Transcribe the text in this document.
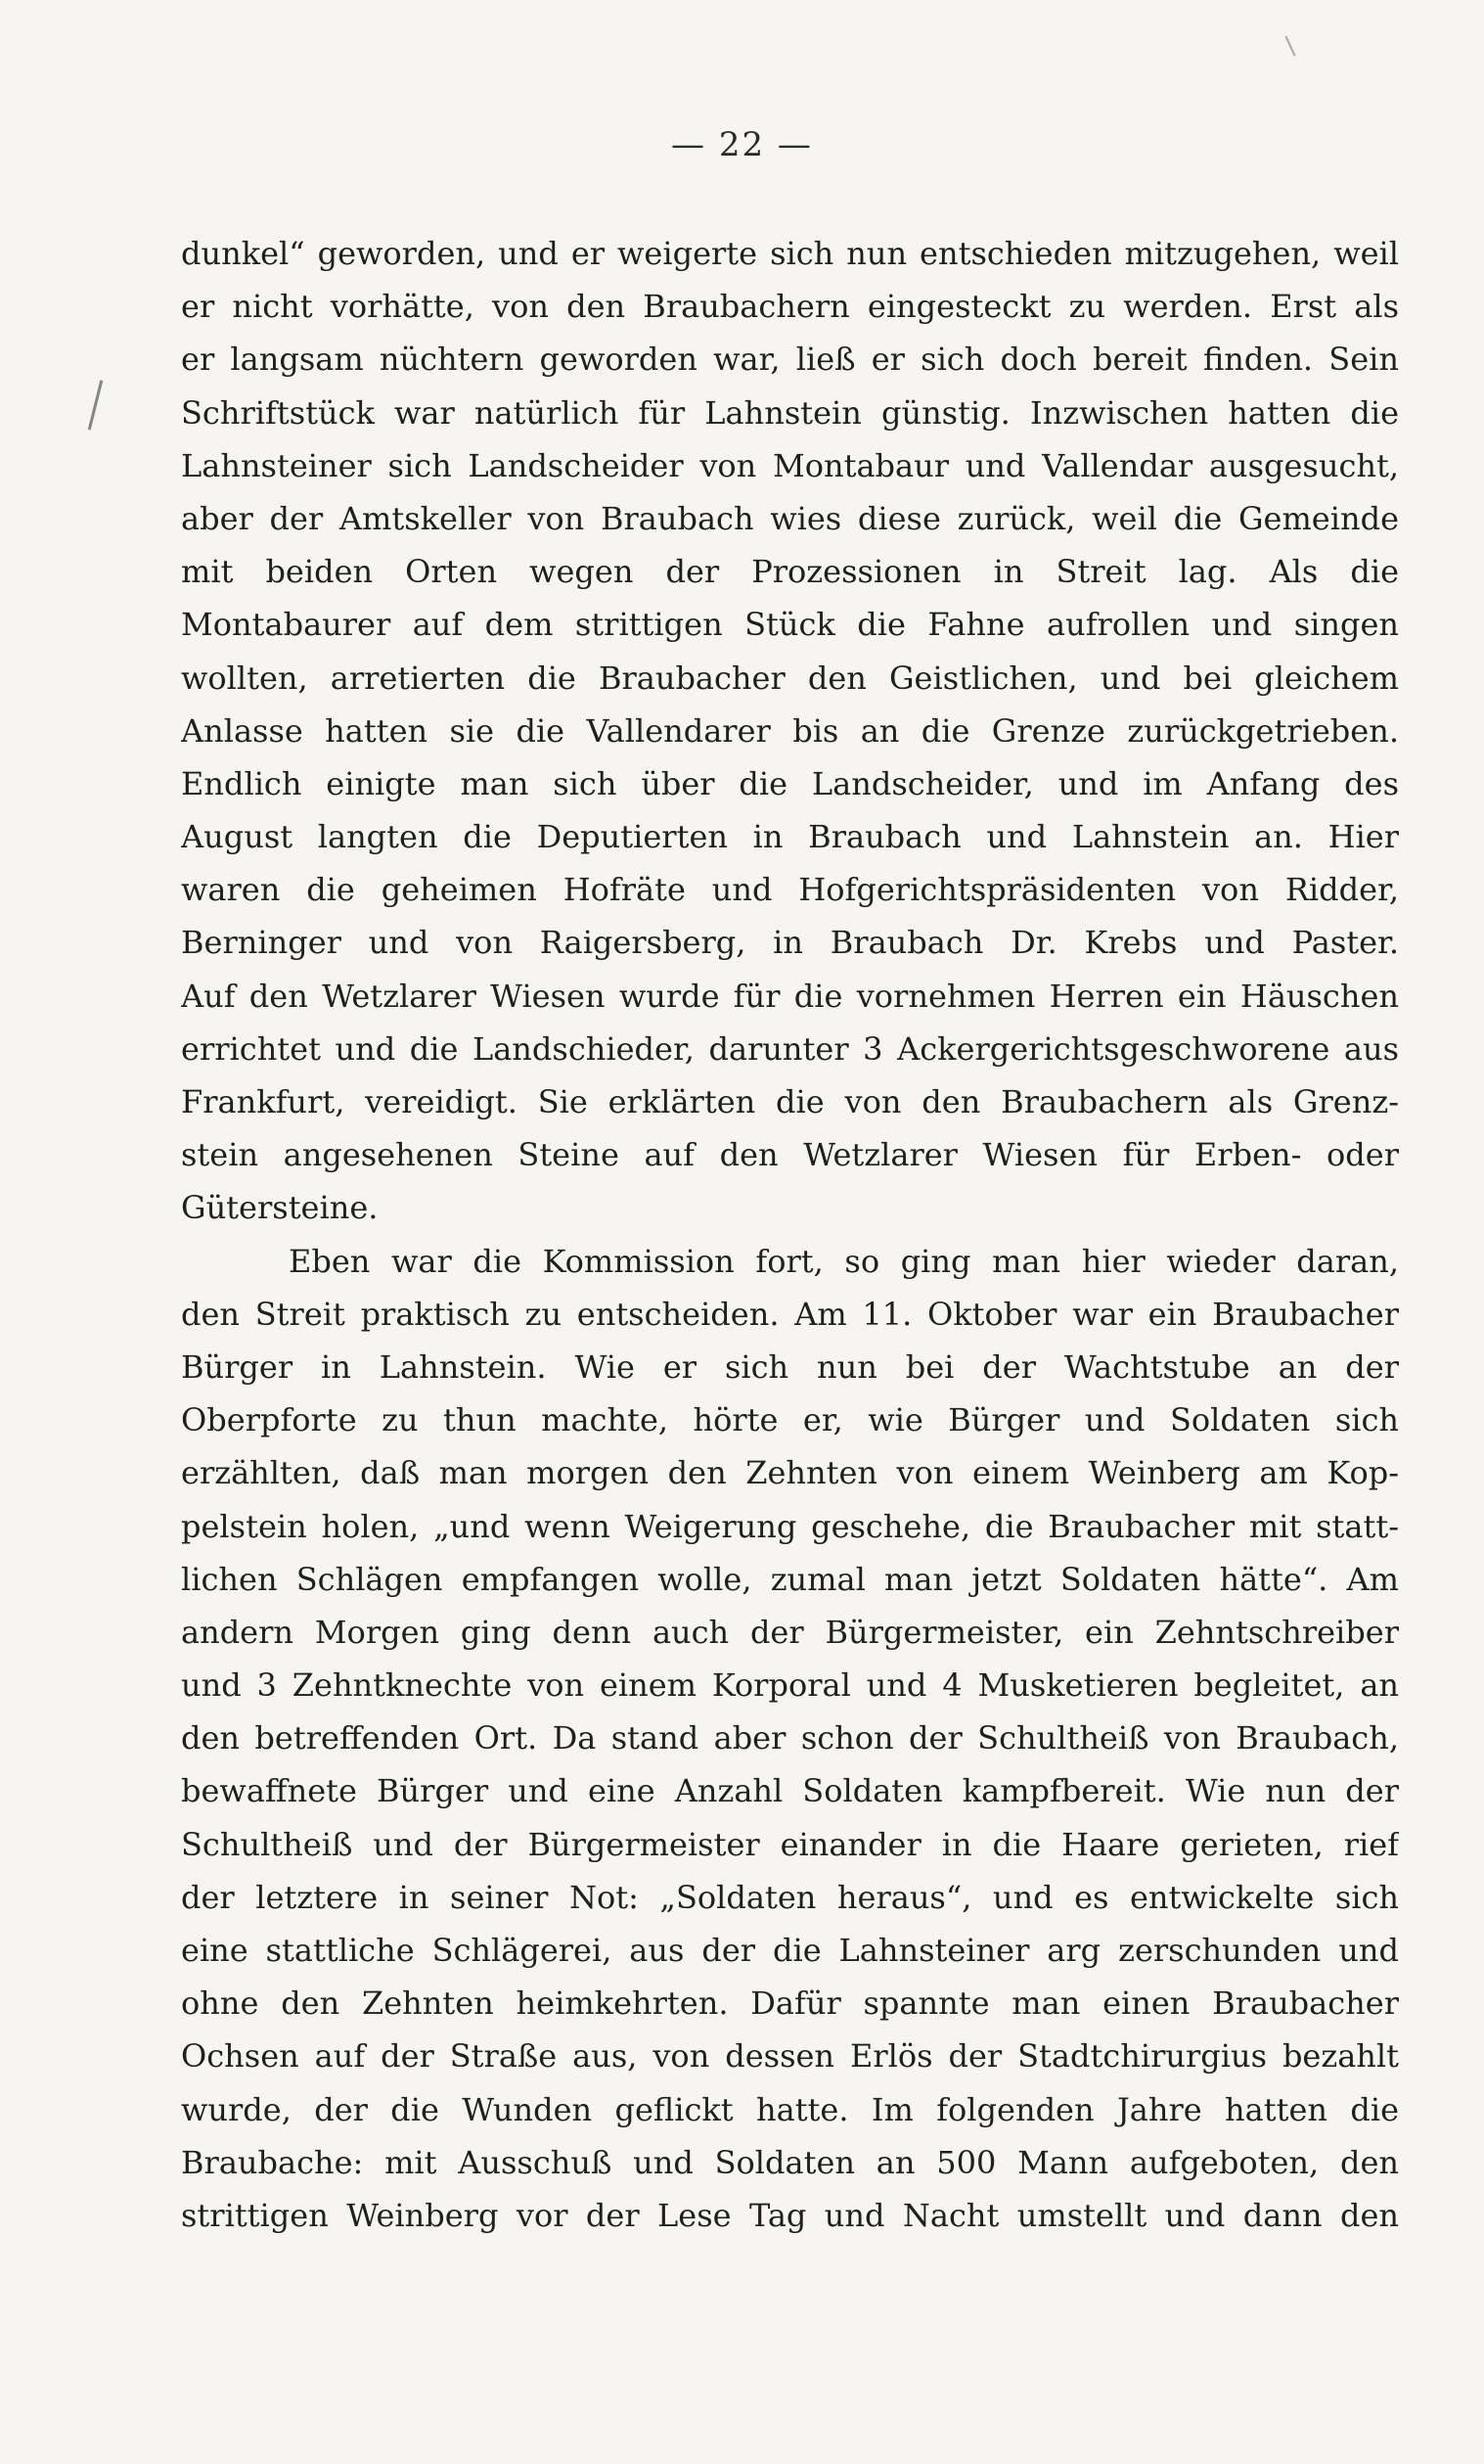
— 22 —
dunkel“ geworden, und er weigerte sich nun entschieden mitzugehen, weil
er nicht vorhätte, von den Braubachern eingesteckt zu werden. Erst als
er langsam nüchtern geworden war, ließ er sich doch bereit finden. Sein
Schriftstück war natürlich für Lahnstein günstig. Inzwischen hatten die
Lahnsteiner sich Landscheider von Montabaur und Vallendar ausgesucht,
aber der Amtskeller von Braubach wies diese zurück, weil die Gemeinde
mit beiden Orten wegen der Prozessionen in Streit lag. Als die
Montabaurer auf dem strittigen Stück die Fahne aufrollen und singen
wollten, arretierten die Braubacher den Geistlichen, und bei gleichem
Anlasse hatten sie die Vallendarer bis an die Grenze zurückgetrieben.
Endlich einigte man sich über die Landscheider, und im Anfang des
August langten die Deputierten in Braubach und Lahnstein an. Hier
waren die geheimen Hofräte und Hofgerichtspräsidenten von Ridder,
Berninger und von Raigersberg, in Braubach Dr. Krebs und Paster.
Auf den Wetzlarer Wiesen wurde für die vornehmen Herren ein Häuschen
errichtet und die Landschieder, darunter 3 Ackergerichtsgeschworene aus
Frankfurt, vereidigt. Sie erklärten die von den Braubachern als Grenz-
stein angesehenen Steine auf den Wetzlarer Wiesen für Erben- oder
Gütersteine.
Eben war die Kommission fort, so ging man hier wieder daran,
den Streit praktisch zu entscheiden. Am 11. Oktober war ein Braubacher
Bürger in Lahnstein. Wie er sich nun bei der Wachtstube an der
Oberpforte zu thun machte, hörte er, wie Bürger und Soldaten sich
erzählten, daß man morgen den Zehnten von einem Weinberg am Kop-
pelstein holen, „und wenn Weigerung geschehe, die Braubacher mit statt-
lichen Schlägen empfangen wolle, zumal man jetzt Soldaten hätte“. Am
andern Morgen ging denn auch der Bürgermeister, ein Zehntschreiber
und 3 Zehntknechte von einem Korporal und 4 Musketieren begleitet, an
den betreffenden Ort. Da stand aber schon der Schultheiß von Braubach,
bewaffnete Bürger und eine Anzahl Soldaten kampfbereit. Wie nun der
Schultheiß und der Bürgermeister einander in die Haare gerieten, rief
der letztere in seiner Not: „Soldaten heraus“, und es entwickelte sich
eine stattliche Schlägerei, aus der die Lahnsteiner arg zerschunden und
ohne den Zehnten heimkehrten. Dafür spannte man einen Braubacher
Ochsen auf der Straße aus, von dessen Erlös der Stadtchirurgius bezahlt
wurde, der die Wunden geflickt hatte. Im folgenden Jahre hatten die
Braubache: mit Ausschuß und Soldaten an 500 Mann aufgeboten, den
strittigen Weinberg vor der Lese Tag und Nacht umstellt und dann den
